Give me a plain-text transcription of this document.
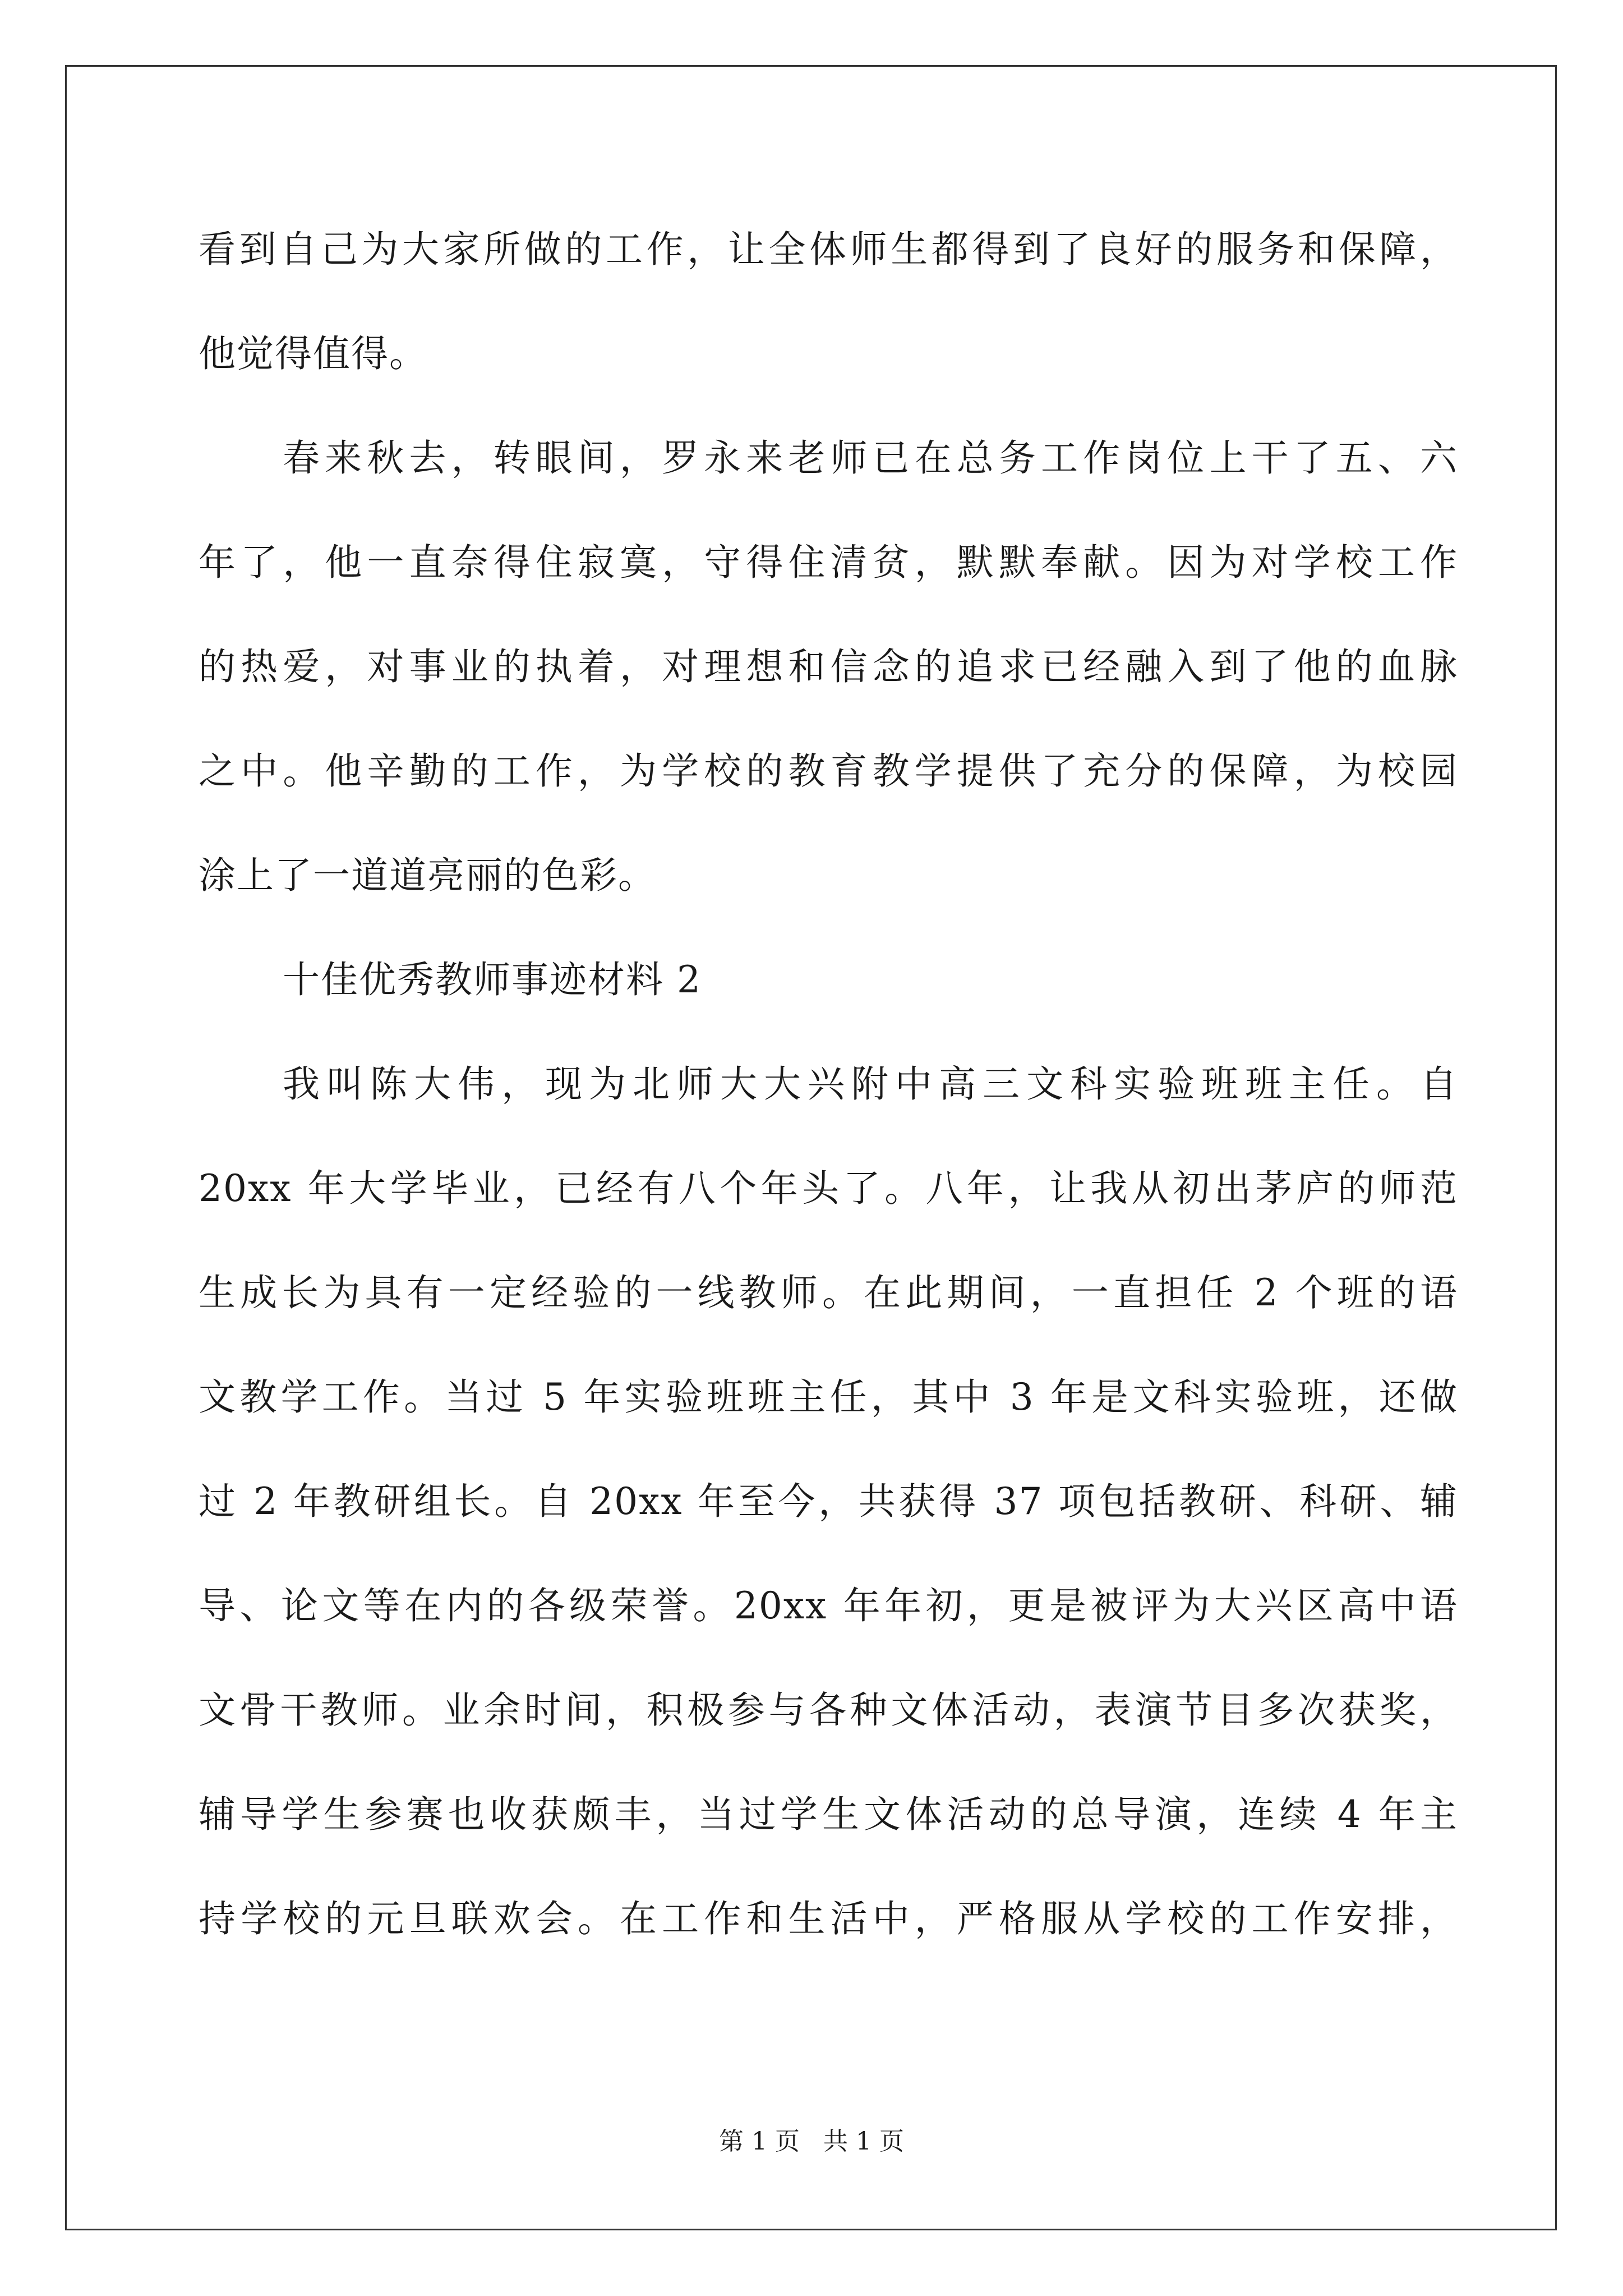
看到自己为大家所做的工作，让全体师生都得到了良好的服务和保障，
他觉得值得。
春来秋去，转眼间，罗永来老师已在总务工作岗位上干了五、六
年了，他一直奈得住寂寞，守得住清贫，默默奉献。因为对学校工作
的热爱，对事业的执着，对理想和信念的追求已经融入到了他的血脉
之中。他辛勤的工作，为学校的教育教学提供了充分的保障，为校园
涂上了一道道亮丽的色彩。
十佳优秀教师事迹材料 2
我叫陈大伟，现为北师大大兴附中高三文科实验班班主任。自
20xx 年大学毕业，已经有八个年头了。八年，让我从初出茅庐的师范
生成长为具有一定经验的一线教师。在此期间，一直担任 2 个班的语
文教学工作。当过 5 年实验班班主任，其中 3 年是文科实验班，还做
过 2 年教研组长。自 20xx 年至今，共获得 37 项包括教研、科研、辅
导、论文等在内的各级荣誉。20xx 年年初，更是被评为大兴区高中语
文骨干教师。业余时间，积极参与各种文体活动，表演节目多次获奖，
辅导学生参赛也收获颇丰，当过学生文体活动的总导演，连续 4 年主
持学校的元旦联欢会。在工作和生活中，严格服从学校的工作安排，
第 1 页 共 1 页
